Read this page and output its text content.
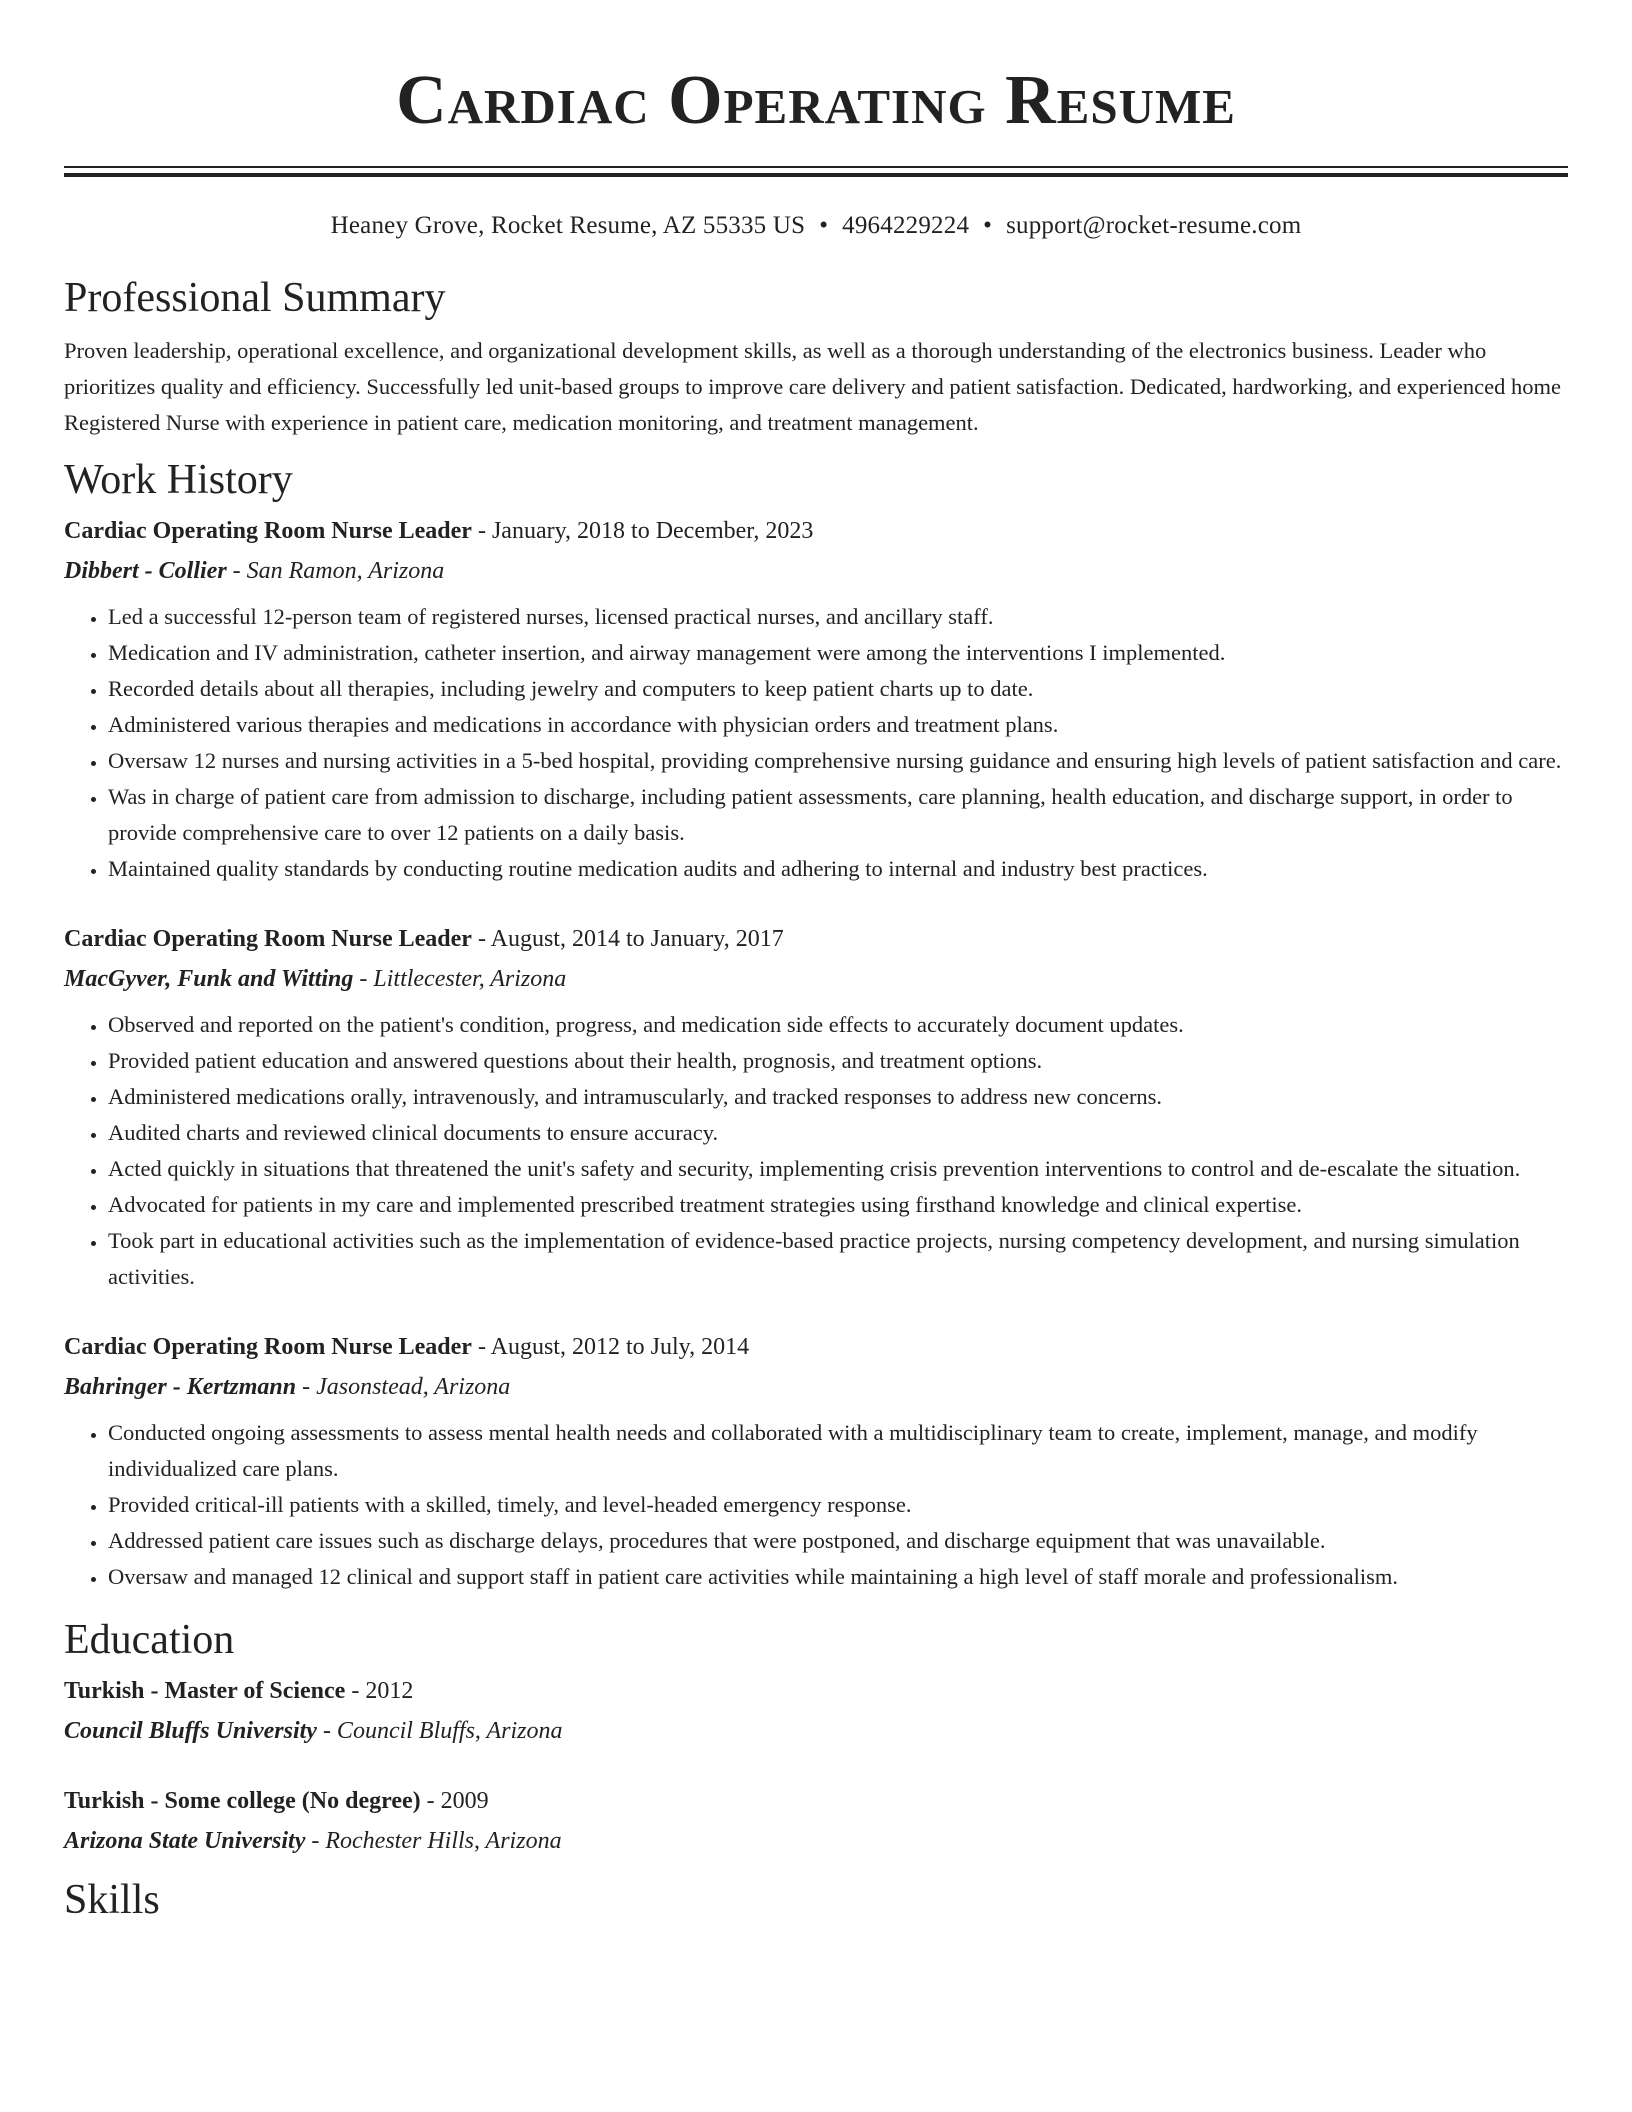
Cardiac Operating Resume
Heaney Grove, Rocket Resume, AZ 55335 US • 4964229224 • support@rocket-resume.com
Professional Summary

Proven leadership, operational excellence, and organizational development skills, as well as a thorough understanding of the electronics business. Leader who prioritizes quality and efficiency. Successfully led unit-based groups to improve care delivery and patient satisfaction. Dedicated, hardworking, and experienced home Registered Nurse with experience in patient care, medication monitoring, and treatment management.

Work History
Cardiac Operating Room Nurse Leader - January, 2018 to December, 2023
Dibbert - Collier - San Ramon, Arizona
• Led a successful 12-person team of registered nurses, licensed practical nurses, and ancillary staff.
• Medication and IV administration, catheter insertion, and airway management were among the interventions I implemented.
• Recorded details about all therapies, including jewelry and computers to keep patient charts up to date.
• Administered various therapies and medications in accordance with physician orders and treatment plans.
• Oversaw 12 nurses and nursing activities in a 5-bed hospital, providing comprehensive nursing guidance and ensuring high levels of patient satisfaction and care.
• Was in charge of patient care from admission to discharge, including patient assessments, care planning, health education, and discharge support, in order to provide comprehensive care to over 12 patients on a daily basis.
• Maintained quality standards by conducting routine medication audits and adhering to internal and industry best practices.
Cardiac Operating Room Nurse Leader - August, 2014 to January, 2017
MacGyver, Funk and Witting - Littlecester, Arizona
• Observed and reported on the patient's condition, progress, and medication side effects to accurately document updates.
• Provided patient education and answered questions about their health, prognosis, and treatment options.
• Administered medications orally, intravenously, and intramuscularly, and tracked responses to address new concerns.
• Audited charts and reviewed clinical documents to ensure accuracy.
• Acted quickly in situations that threatened the unit's safety and security, implementing crisis prevention interventions to control and de-escalate the situation.
• Advocated for patients in my care and implemented prescribed treatment strategies using firsthand knowledge and clinical expertise.
• Took part in educational activities such as the implementation of evidence-based practice projects, nursing competency development, and nursing simulation activities.
Cardiac Operating Room Nurse Leader - August, 2012 to July, 2014
Bahringer - Kertzmann - Jasonstead, Arizona
• Conducted ongoing assessments to assess mental health needs and collaborated with a multidisciplinary team to create, implement, manage, and modify individualized care plans.
• Provided critical-ill patients with a skilled, timely, and level-headed emergency response.
• Addressed patient care issues such as discharge delays, procedures that were postponed, and discharge equipment that was unavailable.
• Oversaw and managed 12 clinical and support staff in patient care activities while maintaining a high level of staff morale and professionalism.
Education
Turkish - Master of Science - 2012
Council Bluffs University - Council Bluffs, Arizona
Turkish - Some college (No degree) - 2009
Arizona State University - Rochester Hills, Arizona
Skills
